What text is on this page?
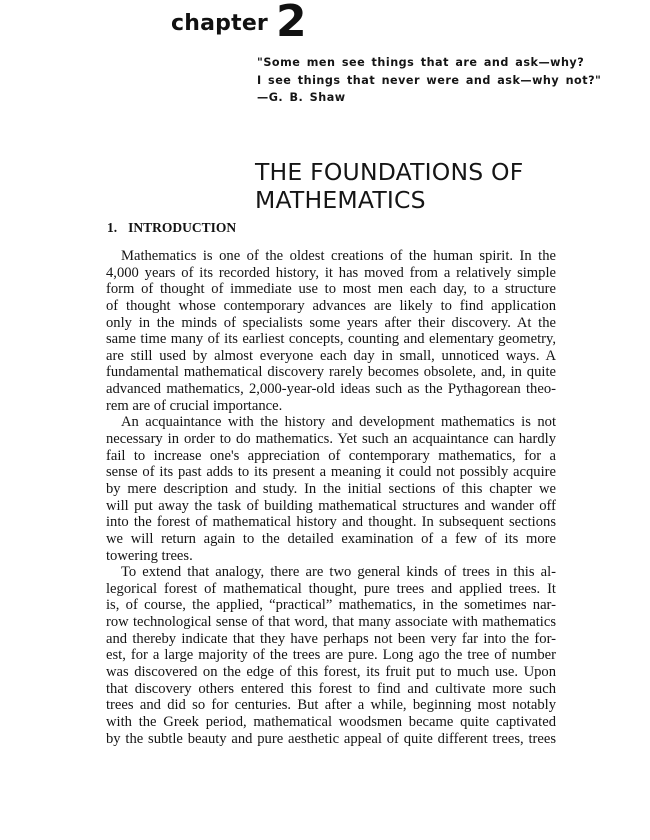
chapter 2
"Some men see things that are and ask—why?
I see things that never were and ask—why not?"
—G. B. Shaw
THE FOUNDATIONS OF
MATHEMATICS
1. INTRODUCTION
Mathematics is one of the oldest creations of the human spirit. In the
4,000 years of its recorded history, it has moved from a relatively simple
form of thought of immediate use to most men each day, to a structure
of thought whose contemporary advances are likely to find application
only in the minds of specialists some years after their discovery. At the
same time many of its earliest concepts, counting and elementary geometry,
are still used by almost everyone each day in small, unnoticed ways. A
fundamental mathematical discovery rarely becomes obsolete, and, in quite
advanced mathematics, 2,000-year-old ideas such as the Pythagorean theo-
rem are of crucial importance.
An acquaintance with the history and development mathematics is not
necessary in order to do mathematics. Yet such an acquaintance can hardly
fail to increase one's appreciation of contemporary mathematics, for a
sense of its past adds to its present a meaning it could not possibly acquire
by mere description and study. In the initial sections of this chapter we
will put away the task of building mathematical structures and wander off
into the forest of mathematical history and thought. In subsequent sections
we will return again to the detailed examination of a few of its more
towering trees.
To extend that analogy, there are two general kinds of trees in this al-
legorical forest of mathematical thought, pure trees and applied trees. It
is, of course, the applied, “practical” mathematics, in the sometimes nar-
row technological sense of that word, that many associate with mathematics
and thereby indicate that they have perhaps not been very far into the for-
est, for a large majority of the trees are pure. Long ago the tree of number
was discovered on the edge of this forest, its fruit put to much use. Upon
that discovery others entered this forest to find and cultivate more such
trees and did so for centuries. But after a while, beginning most notably
with the Greek period, mathematical woodsmen became quite captivated
by the subtle beauty and pure aesthetic appeal of quite different trees, trees
